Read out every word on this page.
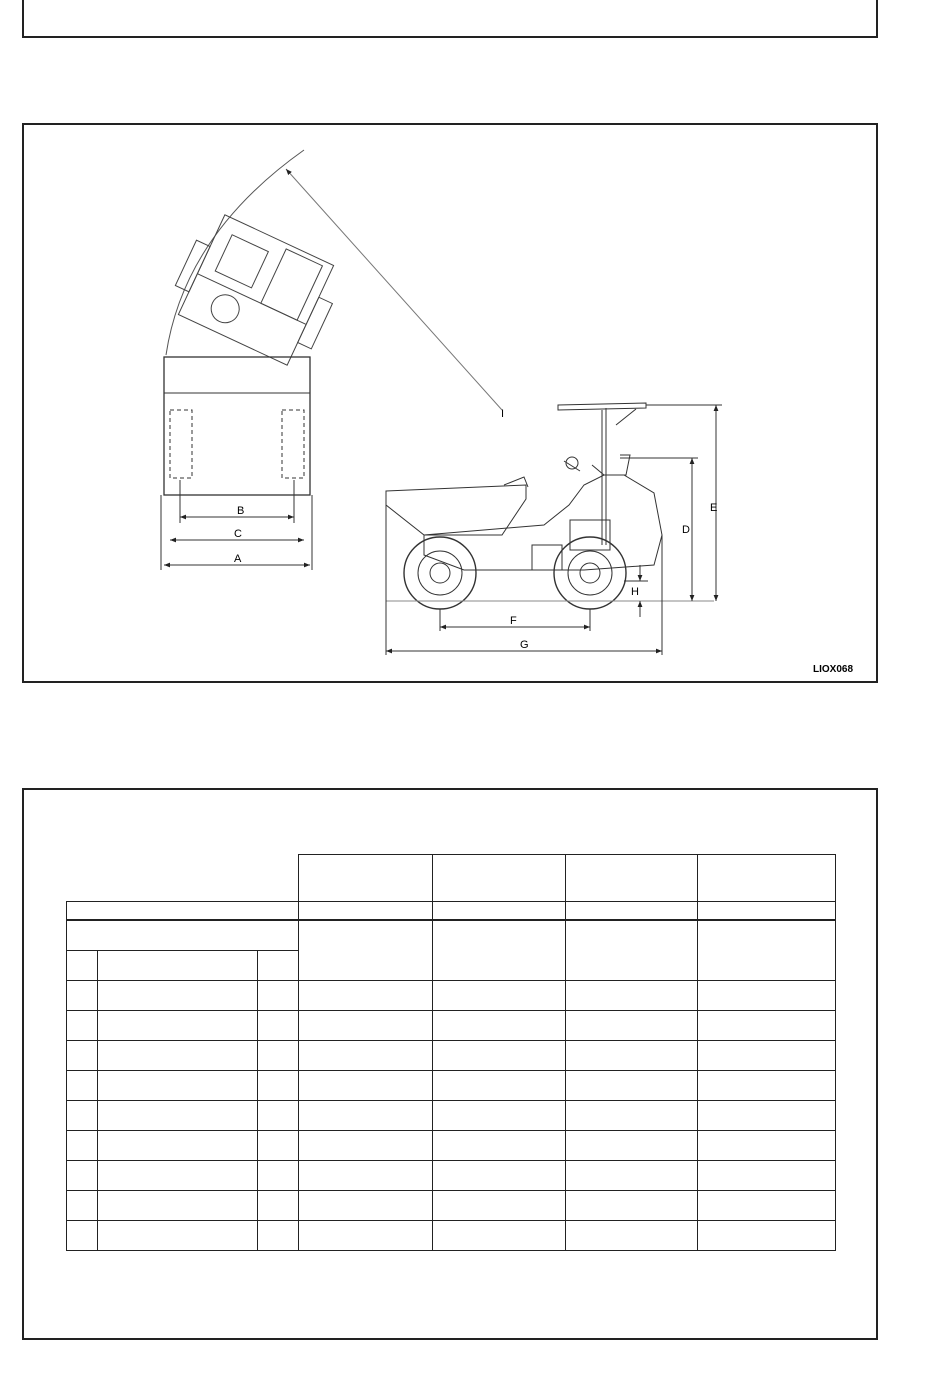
B
C
A
I
E
D
H
F
G
LIOX068
